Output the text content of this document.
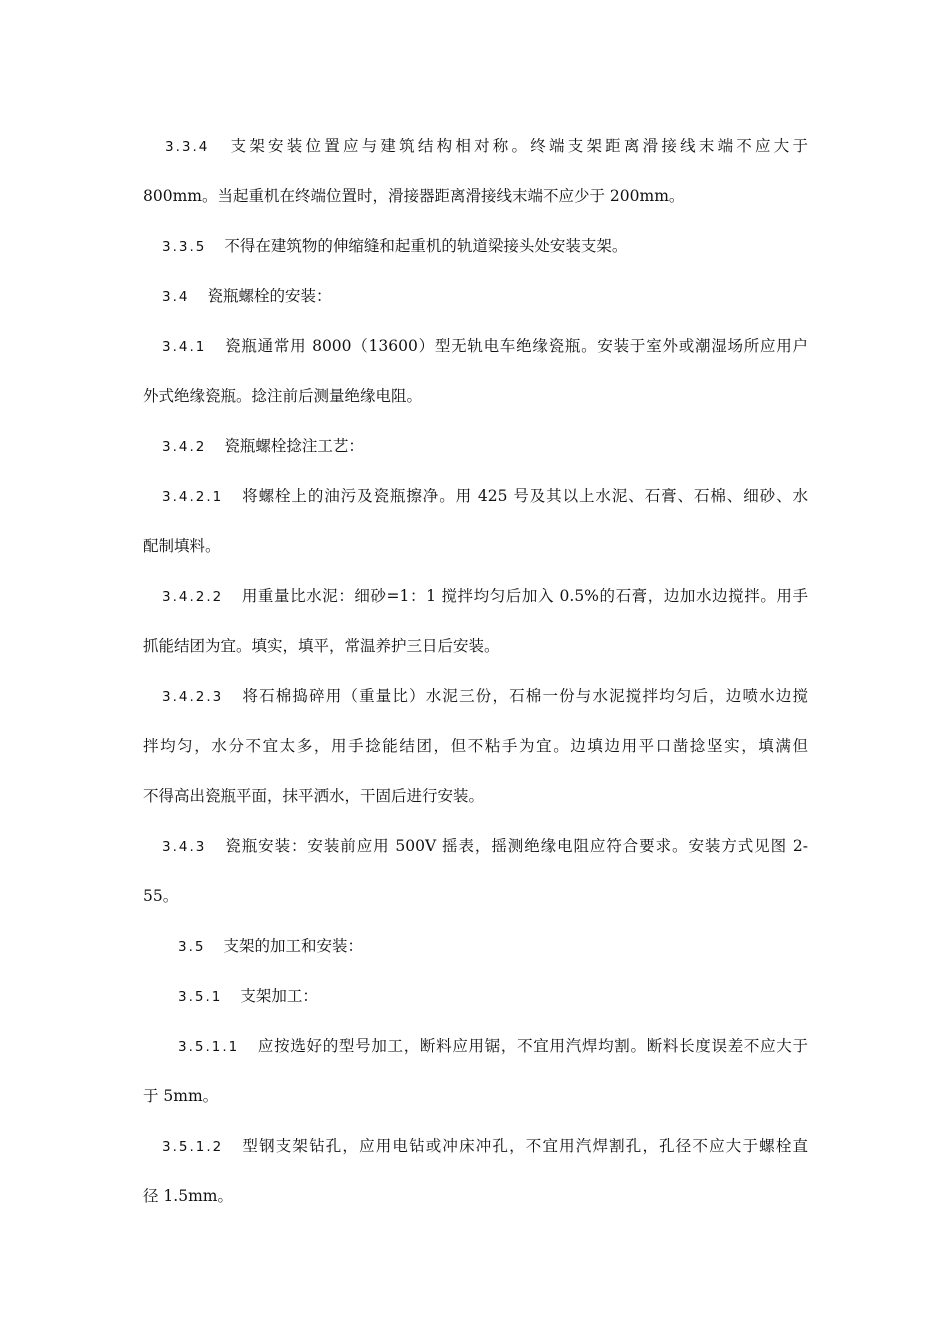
3.3.4 支架安装位置应与建筑结构相对称。终端支架距离滑接线末端不应大于
800mm。当起重机在终端位置时，滑接器距离滑接线末端不应少于 200mm。
3.3.5 不得在建筑物的伸缩缝和起重机的轨道梁接头处安装支架。
3.4 瓷瓶螺栓的安装：
3.4.1 瓷瓶通常用 8000（13600）型无轨电车绝缘瓷瓶。安装于室外或潮湿场所应用户
外式绝缘瓷瓶。捻注前后测量绝缘电阻。
3.4.2 瓷瓶螺栓捻注工艺：
3.4.2.1 将螺栓上的油污及瓷瓶擦净。用 425 号及其以上水泥、石膏、石棉、细砂、水
配制填料。
3.4.2.2 用重量比水泥：细砂=1：1 搅拌均匀后加入 0.5%的石膏，边加水边搅拌。用手
抓能结团为宜。填实，填平，常温养护三日后安装。
3.4.2.3 将石棉捣碎用（重量比）水泥三份，石棉一份与水泥搅拌均匀后，边喷水边搅
拌均匀，水分不宜太多，用手捻能结团，但不粘手为宜。边填边用平口凿捻坚实，填满但
不得高出瓷瓶平面，抹平洒水，干固后进行安装。
3.4.3 瓷瓶安装：安装前应用 500V 摇表，摇测绝缘电阻应符合要求。安装方式见图 2-
55。
3.5 支架的加工和安装：
3.5.1 支架加工：
3.5.1.1 应按选好的型号加工，断料应用锯，不宜用汽焊均割。断料长度误差不应大于
于 5mm。
3.5.1.2 型钢支架钻孔，应用电钻或冲床冲孔，不宜用汽焊割孔，孔径不应大于螺栓直
径 1.5mm。
